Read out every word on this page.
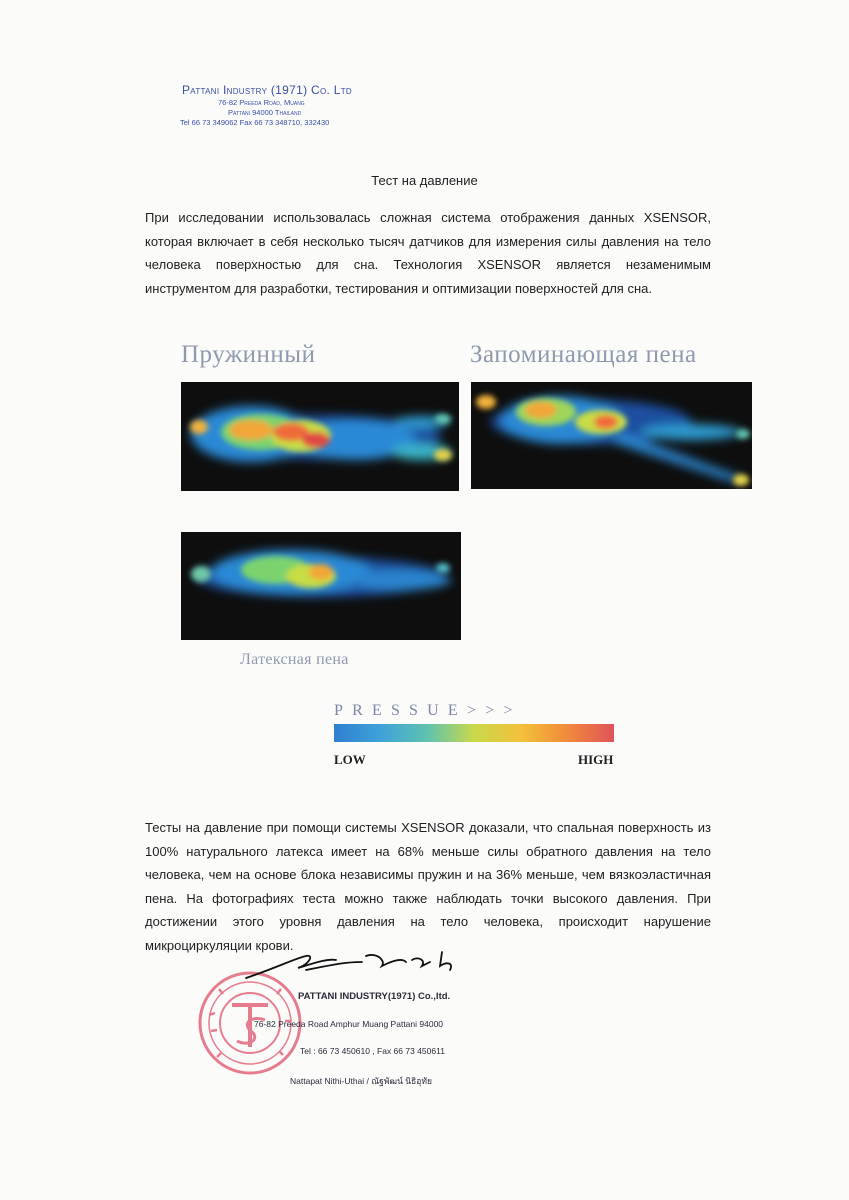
Pattani Industry (1971) Co. Ltd
76-82 Preeda Road, Muang
Pattani 94000 Thailand
Tel 66 73 349062 Fax 66 73 348710, 332430
Тест на давление
При исследовании использовалась сложная система отображения данных XSENSOR, которая включает в себя несколько тысяч датчиков для измерения силы давления на тело человека поверхностью для сна. Технология XSENSOR является незаменимым инструментом для разработки, тестирования и оптимизации поверхностей для сна.
Пружинный	Запоминающая пена
Латексная пена
PRESSUE>>>
LOW	HIGH
Тесты на давление при помощи системы XSENSOR доказали, что спальная поверхность из 100% натурального латекса имеет на 68% меньше силы обратного давления на тело человека, чем на основе блока независимы пружин и на 36% меньше, чем вязкоэластичная пена. На фотографиях теста можно также наблюдать точки высокого давления. При достижении этого уровня давления на тело человека, происходит нарушение микроциркуляции крови.
PATTANI INDUSTRY(1971) Co.,ltd.
76-82 Preeda Road Amphur Muang Pattani 94000
Tel : 66 73 450610 , Fax 66 73 450611
Nattapat Nithi-Uthai / ณัฐพัฒน์ นิธิอุทัย
